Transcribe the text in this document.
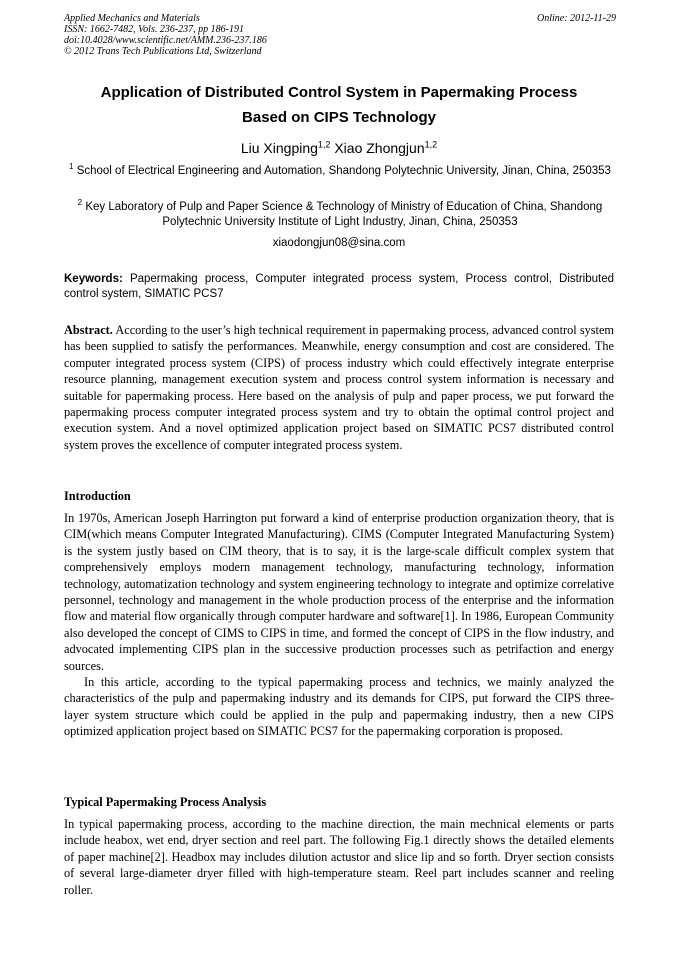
Applied Mechanics and Materials
ISSN: 1662-7482, Vols. 236-237, pp 186-191
doi:10.4028/www.scientific.net/AMM.236-237.186
© 2012 Trans Tech Publications Ltd, Switzerland
Online: 2012-11-29
Application of Distributed Control System in Papermaking Process
Based on CIPS Technology
Liu Xingping$^{1,2}$ Xiao Zhongjun$^{1,2}$
$^1$ School of Electrical Engineering and Automation, Shandong Polytechnic University, Jinan, China, 250353
$^2$ Key Laboratory of Pulp and Paper Science & Technology of Ministry of Education of China, Shandong Polytechnic University Institute of Light Industry, Jinan, China, 250353
xiaodongjun08@sina.com
Keywords: Papermaking process, Computer integrated process system, Process control, Distributed control system, SIMATIC PCS7

Abstract. According to the user’s high technical requirement in papermaking process, advanced control system has been supplied to satisfy the performances. Meanwhile, energy consumption and cost are considered. The computer integrated process system (CIPS) of process industry which could effectively integrate enterprise resource planning, management execution system and process control system information is necessary and suitable for papermaking process. Here based on the analysis of pulp and paper process, we put forward the papermaking process computer integrated process system and try to obtain the optimal control project and execution system. And a novel optimized application project based on SIMATIC PCS7 distributed control system proves the excellence of computer integrated process system.

Introduction

In 1970s, American Joseph Harrington put forward a kind of enterprise production organization theory, that is CIM(which means Computer Integrated Manufacturing). CIMS (Computer Integrated Manufacturing System) is the system justly based on CIM theory, that is to say, it is the large-scale difficult complex system that comprehensively employs modern management technology, manufacturing technology, information technology, automatization technology and system engineering technology to integrate and optimize correlative personnel, technology and management in the whole production process of the enterprise and the information flow and material flow organically through computer hardware and software[1]. In 1986, European Community also developed the concept of CIMS to CIPS in time, and formed the concept of CIPS in the flow industry, and advocated implementing CIPS plan in the successive production processes such as petrifaction and energy sources.

In this article, according to the typical papermaking process and technics, we mainly analyzed the characteristics of the pulp and papermaking industry and its demands for CIPS, put forward the CIPS three-layer system structure which could be applied in the pulp and papermaking industry, then a new CIPS optimized application project based on SIMATIC PCS7 for the papermaking corporation is proposed.

Typical Papermaking Process Analysis

In typical papermaking process, according to the machine direction, the main mechnical elements or parts include heabox, wet end, dryer section and reel part. The following Fig.1 directly shows the detailed elements of paper machine[2]. Headbox may includes dilution actustor and slice lip and so forth. Dryer section consists of several large-diameter dryer filled with high-temperature steam. Reel part includes scanner and reeling roller.
